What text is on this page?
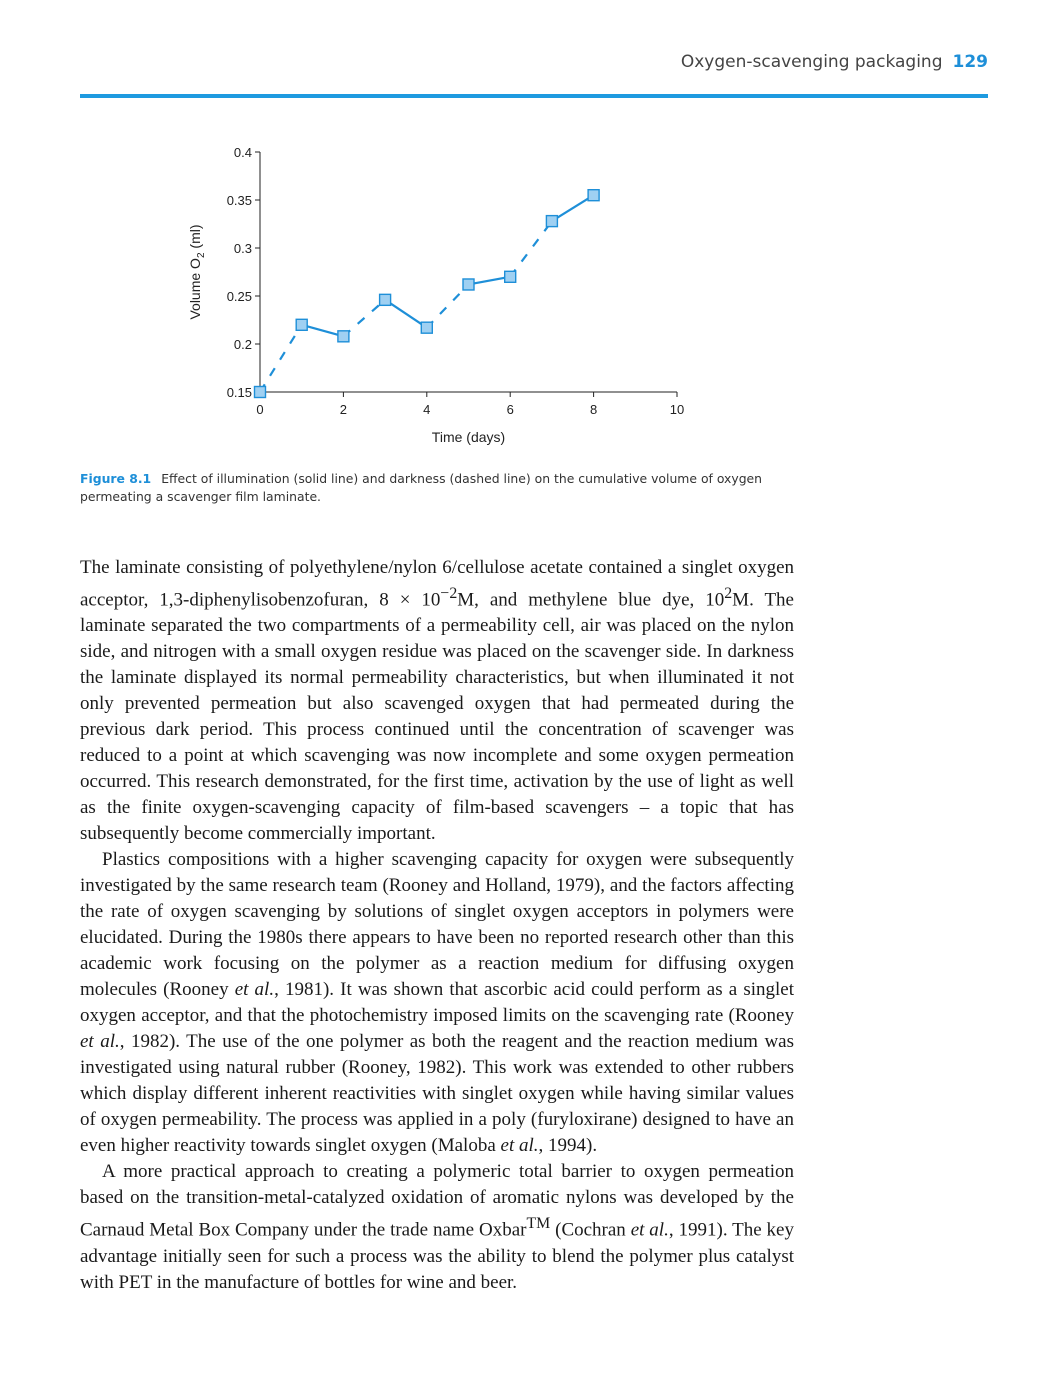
Oxygen-scavenging packaging 129
0.15
0.2
0.25
0.3
0.35
0.4
0	2	4	6	8	10
Time (days)
Volume $O_2$ (ml)
Figure 8.1 Effect of illumination (solid line) and darkness (dashed line) on the cumulative volume of oxygen permeating a scavenger film laminate.

The laminate consisting of polyethylene/nylon 6/cellulose acetate contained a singlet oxygen acceptor, 1,3-diphenylisobenzofuran, $8 \times 10^{-2}M$, and methylene blue dye, $10^2M$. The laminate separated the two compartments of a permeability cell, air was placed on the nylon side, and nitrogen with a small oxygen residue was placed on the scavenger side. In darkness the laminate displayed its normal permeability characteristics, but when illuminated it not only prevented permeation but also scavenged oxygen that had permeated during the previous dark period. This process continued until the concentration of scavenger was reduced to a point at which scavenging was now incomplete and some oxygen permeation occurred. This research demonstrated, for the first time, activation by the use of light as well as the finite oxygen-scavenging capacity of film-based scavengers – a topic that has subsequently become commercially important.

Plastics compositions with a higher scavenging capacity for oxygen were subsequently investigated by the same research team (Rooney and Holland, 1979), and the factors affecting the rate of oxygen scavenging by solutions of singlet oxygen acceptors in polymers were elucidated. During the 1980s there appears to have been no reported research other than this academic work focusing on the polymer as a reaction medium for diffusing oxygen molecules (Rooney et al., 1981). It was shown that ascorbic acid could perform as a singlet oxygen acceptor, and that the photochemistry imposed limits on the scavenging rate (Rooney et al., 1982). The use of the one polymer as both the reagent and the reaction medium was investigated using natural rubber (Rooney, 1982). This work was extended to other rubbers which display different inherent reactivities with singlet oxygen while having similar values of oxygen permeability. The process was applied in a poly (furyloxirane) designed to have an even higher reactivity towards singlet oxygen (Maloba et al., 1994).

A more practical approach to creating a polymeric total barrier to oxygen permeation based on the transition-metal-catalyzed oxidation of aromatic nylons was developed by the Carnaud Metal Box Company under the trade name Oxbar™ (Cochran et al., 1991). The key advantage initially seen for such a process was the ability to blend the polymer plus catalyst with PET in the manufacture of bottles for wine and beer.
